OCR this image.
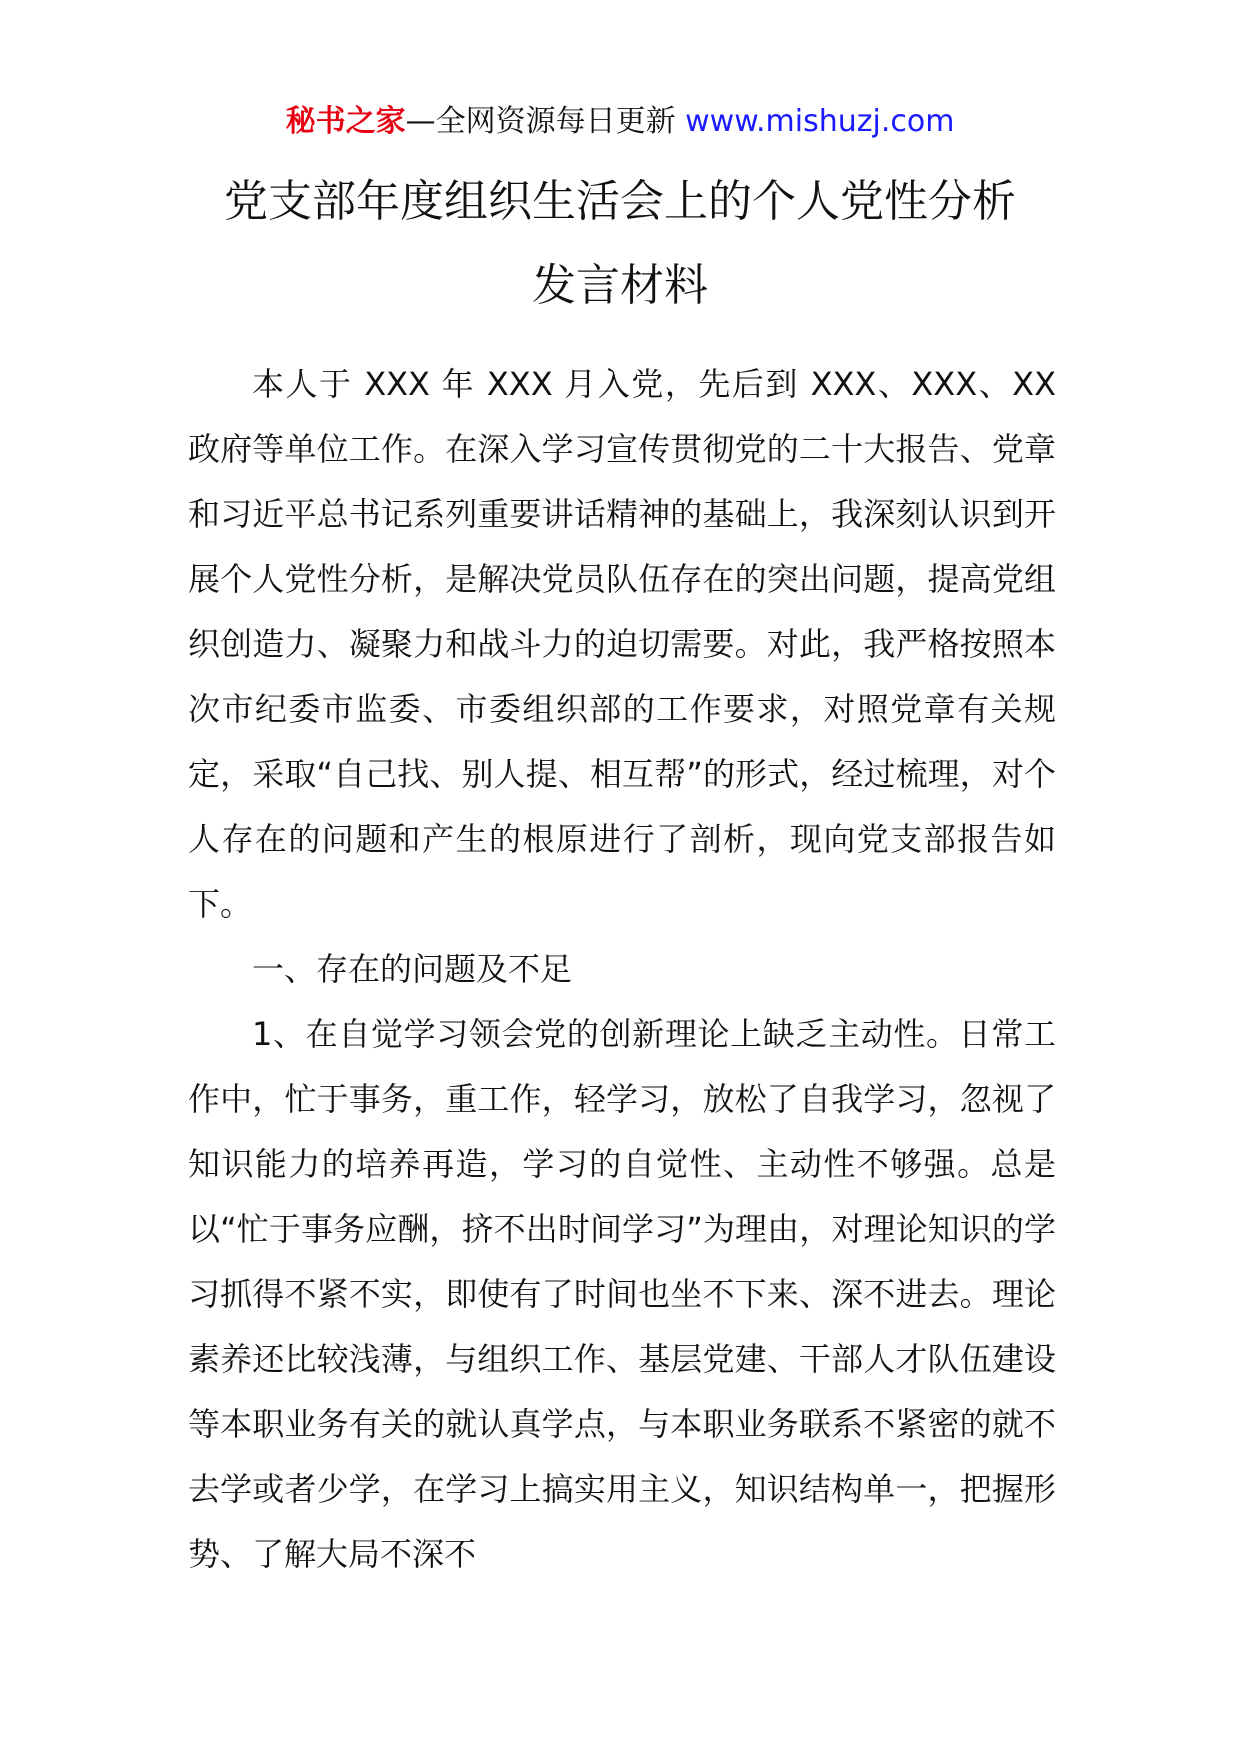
秘书之家—全网资源每日更新 www.mishuzj.com
党支部年度组织生活会上的个人党性分析
发言材料

本人于 XXX 年 XXX 月入党，先后到 XXX、XXX、XX 政府等单位工作。在深入学习宣传贯彻党的二十大报告、党章和习近平总书记系列重要讲话精神的基础上，我深刻认识到开展个人党性分析，是解决党员队伍存在的突出问题，提高党组织创造力、凝聚力和战斗力的迫切需要。对此，我严格按照本次市纪委市监委、市委组织部的工作要求，对照党章有关规定，采取“自己找、别人提、相互帮”的形式，经过梳理，对个人存在的问题和产生的根原进行了剖析，现向党支部报告如下。

一、存在的问题及不足

1、在自觉学习领会党的创新理论上缺乏主动性。日常工作中，忙于事务，重工作，轻学习，放松了自我学习，忽视了知识能力的培养再造，学习的自觉性、主动性不够强。总是以“忙于事务应酬，挤不出时间学习”为理由，对理论知识的学习抓得不紧不实，即使有了时间也坐不下来、深不进去。理论素养还比较浅薄，与组织工作、基层党建、干部人才队伍建设等本职业务有关的就认真学点，与本职业务联系不紧密的就不去学或者少学，在学习上搞实用主义，知识结构单一，把握形势、了解大局不深不
